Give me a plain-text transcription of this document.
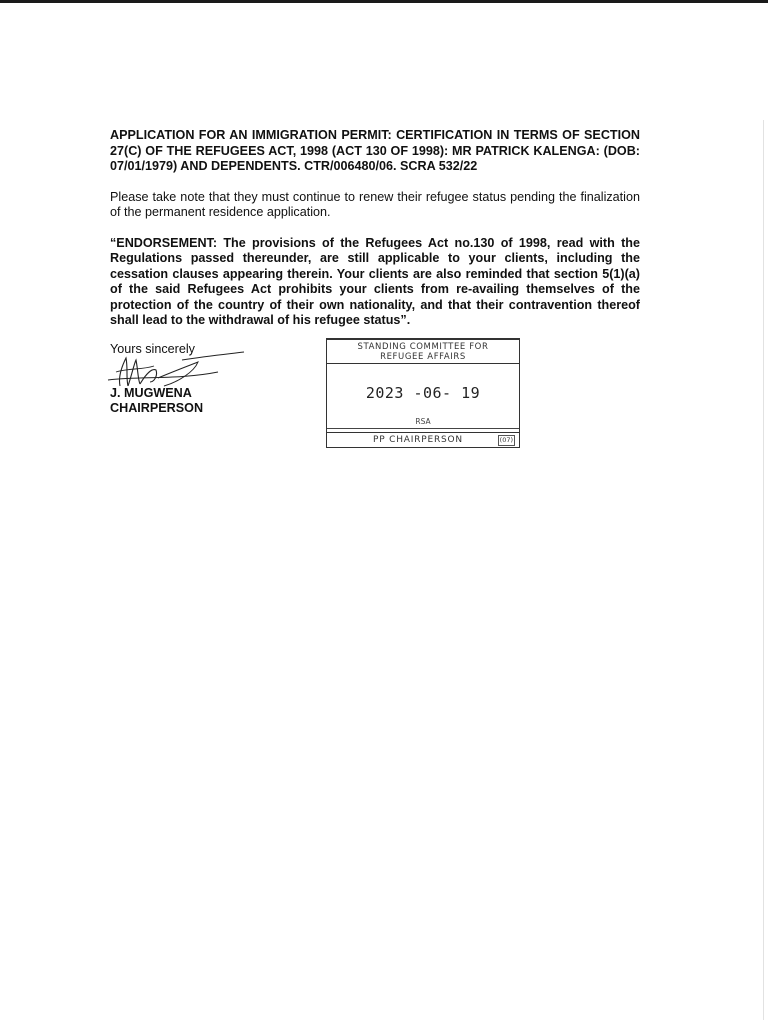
APPLICATION FOR AN IMMIGRATION PERMIT: CERTIFICATION IN TERMS OF SECTION 27(C) OF THE REFUGEES ACT, 1998 (ACT 130 OF 1998): MR PATRICK KALENGA: (DOB: 07/01/1979) AND DEPENDENTS. CTR/006480/06. SCRA 532/22

Please take note that they must continue to renew their refugee status pending the finalization of the permanent residence application.

“ENDORSEMENT: The provisions of the Refugees Act no.130 of 1998, read with the Regulations passed thereunder, are still applicable to your clients, including the cessation clauses appearing therein. Your clients are also reminded that section 5(1)(a) of the said Refugees Act prohibits your clients from re-availing themselves of the protection of the country of their own nationality, and that their contravention thereof shall lead to the withdrawal of his refugee status”.

Yours sincerely
J. MUGWENA
CHAIRPERSON
STANDING COMMITTEE FOR
REFUGEE AFFAIRS
2023 -06- 19
RSA
PP CHAIRPERSON	(07)
